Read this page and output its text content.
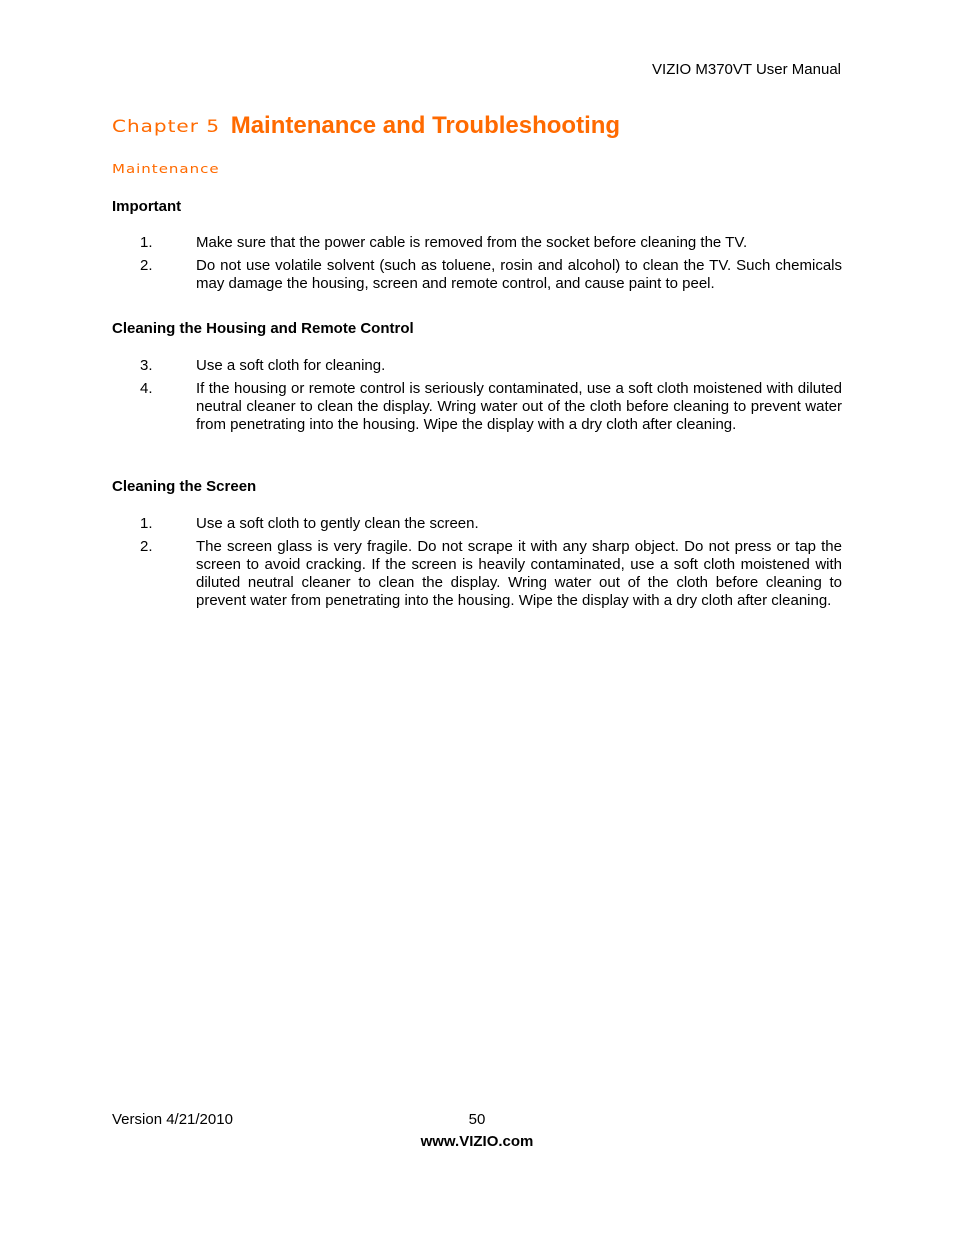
VIZIO M370VT User Manual
Chapter 5 Maintenance and Troubleshooting
Maintenance
Important
1.	Make sure that the power cable is removed from the socket before cleaning the TV.
2.	Do not use volatile solvent (such as toluene, rosin and alcohol) to clean the TV. Such chemicals may damage the housing, screen and remote control, and cause paint to peel.
Cleaning the Housing and Remote Control
3.	Use a soft cloth for cleaning.
4.	If the housing or remote control is seriously contaminated, use a soft cloth moistened with diluted neutral cleaner to clean the display. Wring water out of the cloth before cleaning to prevent water from penetrating into the housing. Wipe the display with a dry cloth after cleaning.
Cleaning the Screen
1.	Use a soft cloth to gently clean the screen.
2.	The screen glass is very fragile. Do not scrape it with any sharp object. Do not press or tap the screen to avoid cracking. If the screen is heavily contaminated, use a soft cloth moistened with diluted neutral cleaner to clean the display. Wring water out of the cloth before cleaning to prevent water from penetrating into the housing. Wipe the display with a dry cloth after cleaning.
Version 4/21/2010	50
www.VIZIO.com
